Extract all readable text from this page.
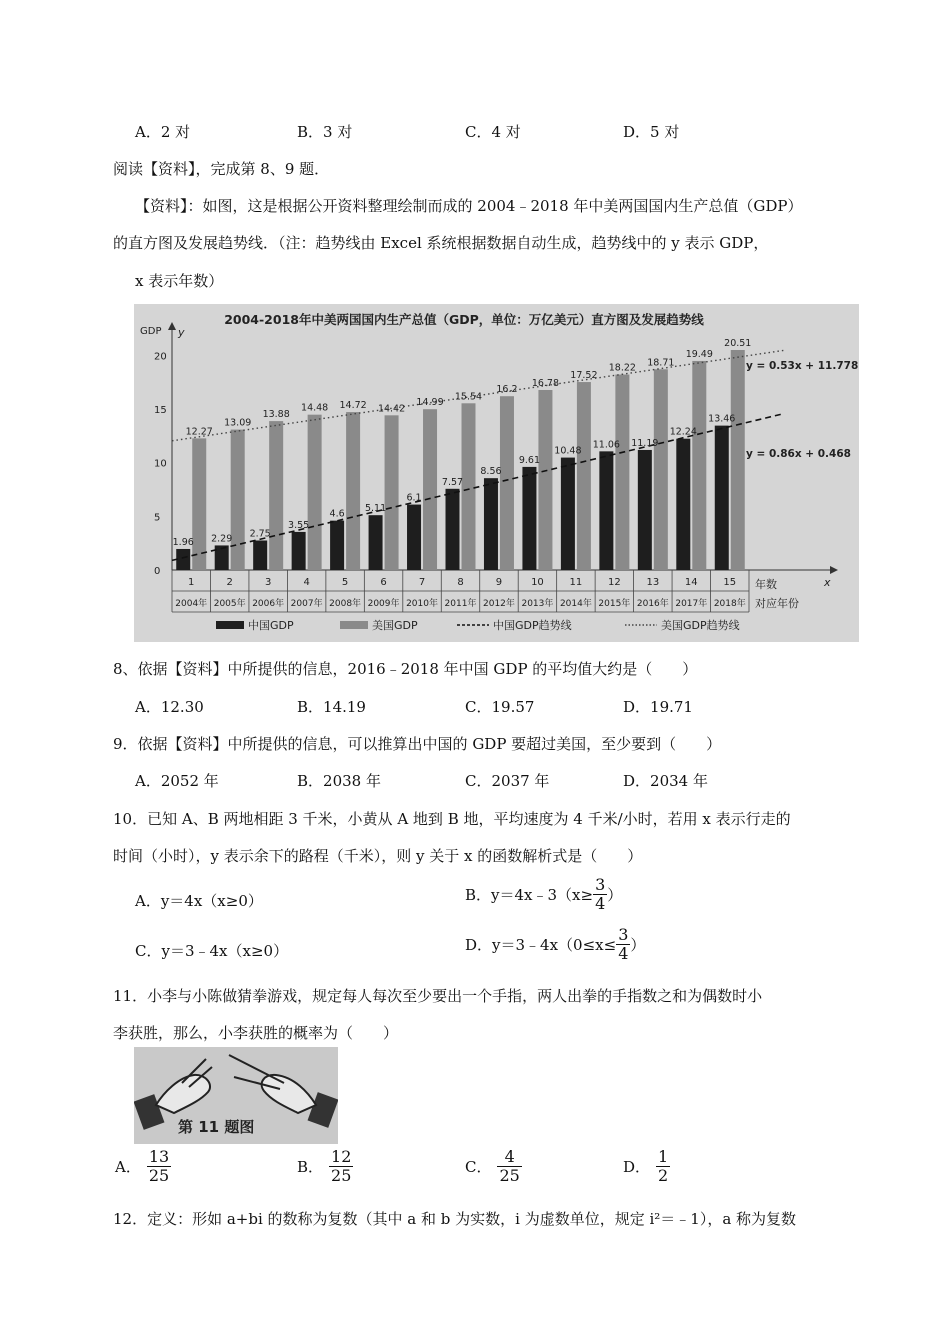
A．2 对	B．3 对	C．4 对	D．5 对
阅读【资料】，完成第 8、9 题．
【资料】：如图，这是根据公开资料整理绘制而成的 2004﹣2018 年中美两国国内生产总值（GDP）
的直方图及发展趋势线．（注：趋势线由 Excel 系统根据数据自动生成，趋势线中的 y 表示 GDP，
x 表示年数）
2004-2018年中美两国国内生产总值（GDP，单位：万亿美元）直方图及发展趋势线
GDP y
0
5
10
15
20
x
年数
对应年份
1
2004年
2
2005年
3
2006年
4
2007年
5
2008年
6
2009年
7
2010年
8
2011年
9
2012年
10
2013年
11
2014年
12
2015年
13
2016年
14
2017年
15
2018年
1.96
12.27
2.29
13.09
2.75
13.88
3.55
14.48
4.6
14.72
5.11
14.42
6.1
14.99
7.57
15.54
8.56
16.2
9.61
16.78
10.48
17.52
11.06
18.22
11.19
18.71
12.24
19.49
13.46
20.51
y = 0.53x + 11.778
y = 0.86x + 0.468
中国GDP	美国GDP	中国GDP趋势线	美国GDP趋势线
8、依据【资料】中所提供的信息，2016﹣2018 年中国 GDP 的平均值大约是（　　）
A．12.30	B．14.19	C．19.57	D．19.71
9．依据【资料】中所提供的信息，可以推算出中国的 GDP 要超过美国，至少要到（　　）
A．2052 年	B．2038 年	C．2037 年	D．2034 年
10．已知 A、B 两地相距 3 千米，小黄从 A 地到 B 地，平均速度为 4 千米/小时，若用 x 表示行走的
时间（小时），y 表示余下的路程（千米），则 y 关于 x 的函数解析式是（　　）
A．y＝4x（x≥0）	B．y＝4x﹣3（x≥ $\frac{3}{4}$ ）
C．y＝3﹣4x（x≥0）	D．y＝3﹣4x（0≤x≤ $\frac{3}{4}$ ）
11．小李与小陈做猜拳游戏，规定每人每次至少要出一个手指，两人出拳的手指数之和为偶数时小
李获胜，那么，小李获胜的概率为（　　）
第 11 题图
A． $\frac{13}{25}$	B． $\frac{12}{25}$	C． $\frac{4}{25}$	D． $\frac{1}{2}$
12．定义：形如 a+bi 的数称为复数（其中 a 和 b 为实数，i 为虚数单位，规定 i²＝﹣1），a 称为复数
